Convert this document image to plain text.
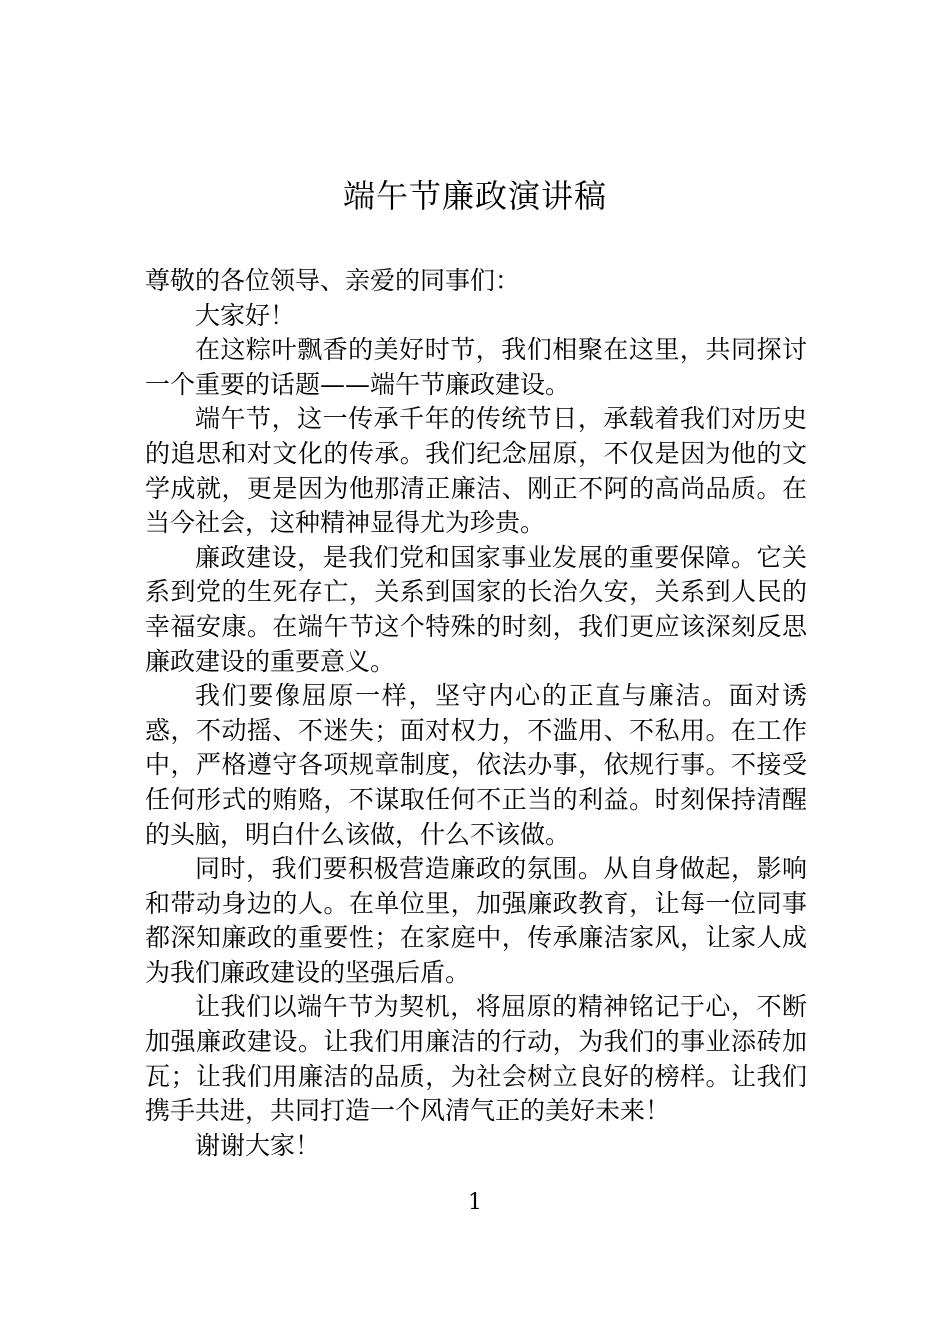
端午节廉政演讲稿

尊敬的各位领导、亲爱的同事们：

大家好！

在这粽叶飘香的美好时节，我们相聚在这里，共同探讨一个重要的话题——端午节廉政建设。

端午节，这一传承千年的传统节日，承载着我们对历史的追思和对文化的传承。我们纪念屈原，不仅是因为他的文学成就，更是因为他那清正廉洁、刚正不阿的高尚品质。在当今社会，这种精神显得尤为珍贵。

廉政建设，是我们党和国家事业发展的重要保障。它关系到党的生死存亡，关系到国家的长治久安，关系到人民的幸福安康。在端午节这个特殊的时刻，我们更应该深刻反思廉政建设的重要意义。

我们要像屈原一样，坚守内心的正直与廉洁。面对诱惑，不动摇、不迷失；面对权力，不滥用、不私用。在工作中，严格遵守各项规章制度，依法办事，依规行事。不接受任何形式的贿赂，不谋取任何不正当的利益。时刻保持清醒的头脑，明白什么该做，什么不该做。

同时，我们要积极营造廉政的氛围。从自身做起，影响和带动身边的人。在单位里，加强廉政教育，让每一位同事都深知廉政的重要性；在家庭中，传承廉洁家风，让家人成为我们廉政建设的坚强后盾。

让我们以端午节为契机，将屈原的精神铭记于心，不断加强廉政建设。让我们用廉洁的行动，为我们的事业添砖加瓦；让我们用廉洁的品质，为社会树立良好的榜样。让我们携手共进，共同打造一个风清气正的美好未来！

谢谢大家！

1
